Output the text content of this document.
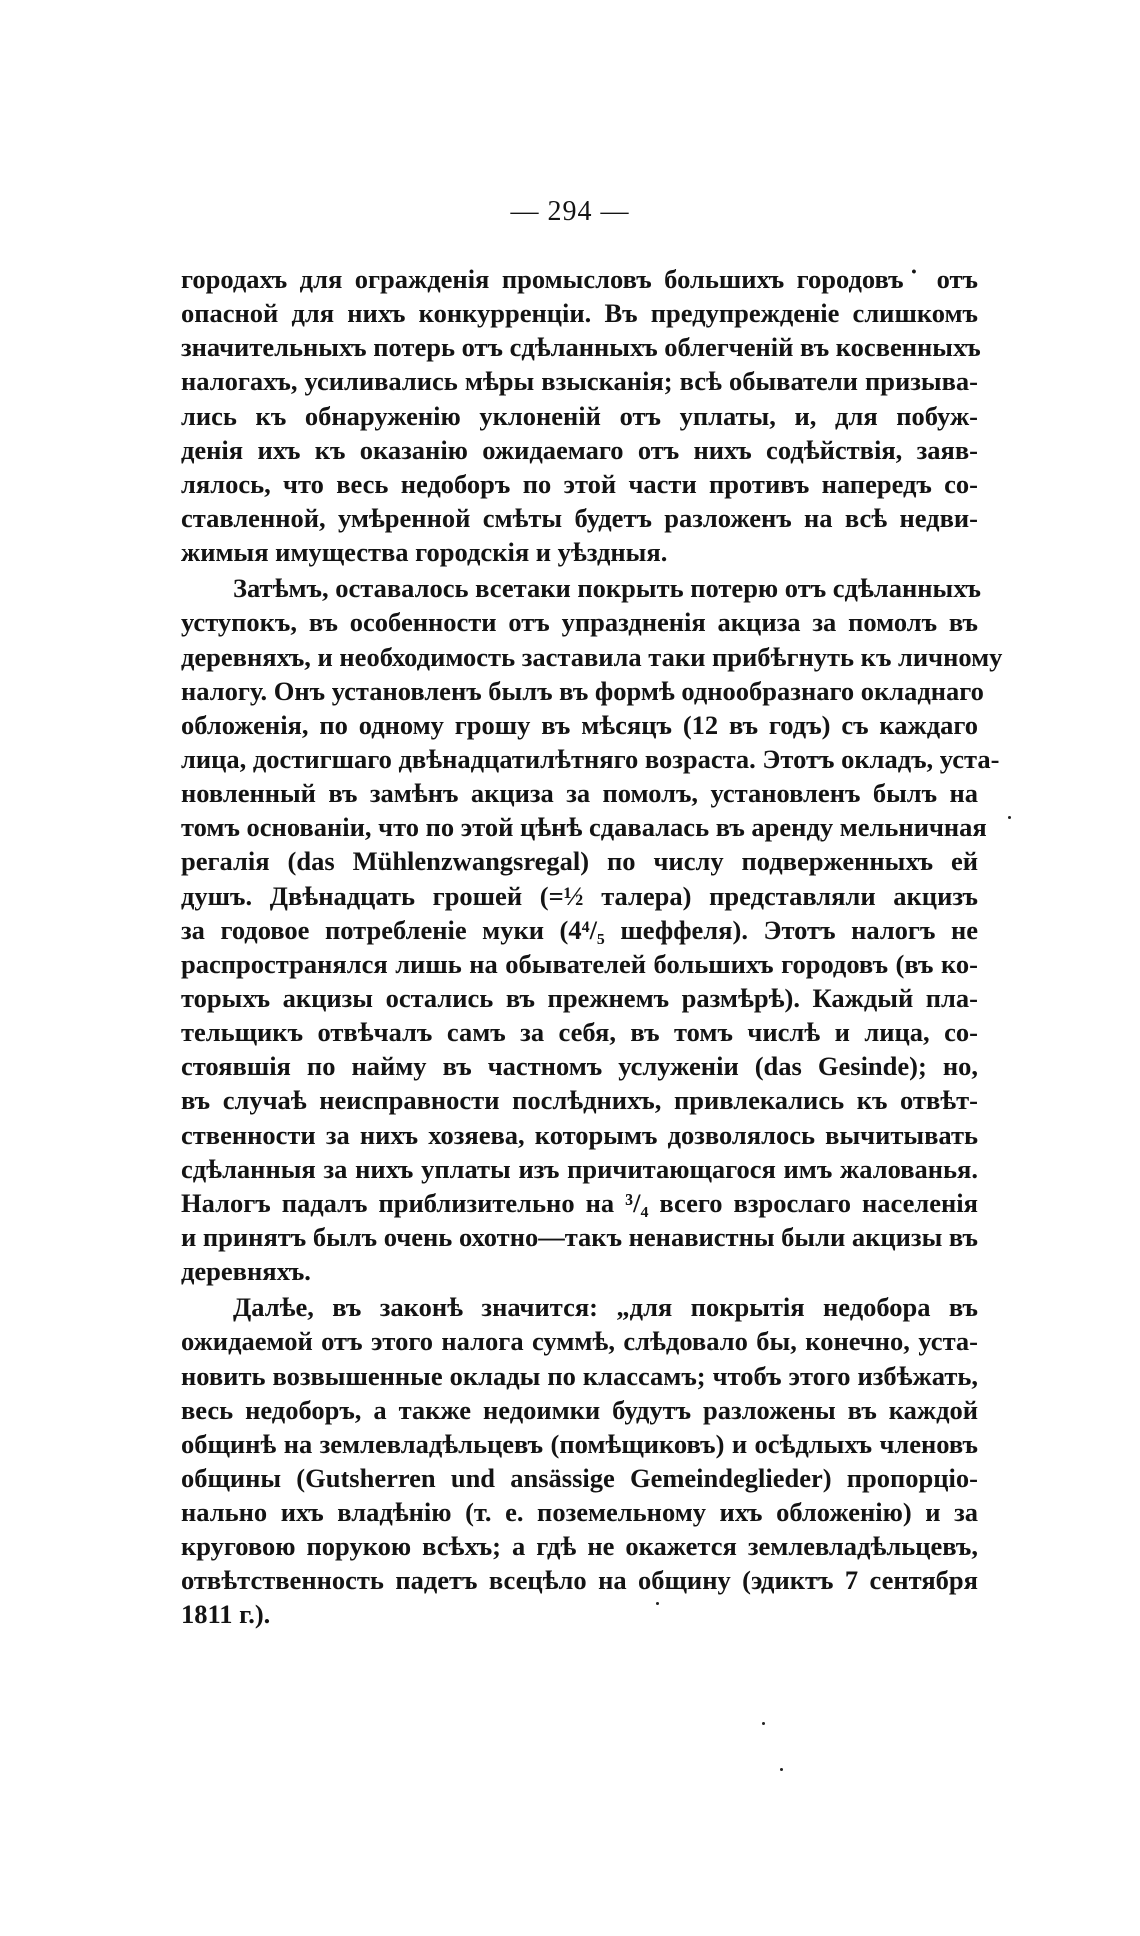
— 294 —
городахъ для огражденія промысловъ большихъ городовъ˙ отъ
опасной для нихъ конкурренціи. Въ предупрежденіе слишкомъ
значительныхъ потерь отъ сдѣланныхъ облегченій въ косвенныхъ
налогахъ, усиливались мѣры взысканія; всѣ обыватели призыва-
лись къ обнаруженію уклоненій отъ уплаты, и, для побуж-
денія ихъ къ оказанію ожидаемаго отъ нихъ содѣйствія, заяв-
лялось, что весь недоборъ по этой части противъ напередъ со-
ставленной, умѣренной смѣты будетъ разложенъ на всѣ недви-
жимыя имущества городскія и уѣздныя.
Затѣмъ, оставалось всетаки покрыть потерю отъ сдѣланныхъ
уступокъ, въ особенности отъ упраздненія акциза за помолъ въ
деревняхъ, и необходимость заставила таки прибѣгнуть къ личному
налогу. Онъ установленъ былъ въ формѣ однообразнаго окладнаго
обложенія, по одному грошу въ мѣсяцъ (12 въ годъ) съ каждаго
лица, достигшаго двѣнадцатилѣтняго возраста. Этотъ окладъ, уста-
новленный въ замѣнъ акциза за помолъ, установленъ былъ на
томъ основаніи, что по этой цѣнѣ сдавалась въ аренду мельничная
регалія (das Mühlenzwangsregal) по числу подверженныхъ ей
душъ. Двѣнадцать грошей (=½ талера) представляли акцизъ
за годовое потребленіе муки (4⁴/₅ шеффеля). Этотъ налогъ не
распространялся лишь на обывателей большихъ городовъ (въ ко-
торыхъ акцизы остались въ прежнемъ размѣрѣ). Каждый пла-
тельщикъ отвѣчалъ самъ за себя, въ томъ числѣ и лица, со-
стоявшія по найму въ частномъ услуженіи (das Gesinde); но,
въ случаѣ неисправности послѣднихъ, привлекались къ отвѣт-
ственности за нихъ хозяева, которымъ дозволялось вычитывать
сдѣланныя за нихъ уплаты изъ причитающагося имъ жалованья.
Налогъ падалъ приблизительно на ³/₄ всего взрослаго населенія
и принятъ былъ очень охотно—такъ ненавистны были акцизы въ
деревняхъ.
Далѣе, въ законѣ значится: „для покрытія недобора въ
ожидаемой отъ этого налога суммѣ, слѣдовало бы, конечно, уста-
новить возвышенные оклады по классамъ; чтобъ этого избѣжать,
весь недоборъ, а также недоимки будутъ разложены въ каждой
общинѣ на землевладѣльцевъ (помѣщиковъ) и осѣдлыхъ членовъ
общины (Gutsherren und ansässige Gemeindeglieder) пропорціо-
нально ихъ владѣнію (т. е. поземельному ихъ обложенію) и за
круговою порукою всѣхъ; а гдѣ не окажется землевладѣльцевъ,
отвѣтственность падетъ всецѣло на общину (эдиктъ 7 сентября
1811 г.).
